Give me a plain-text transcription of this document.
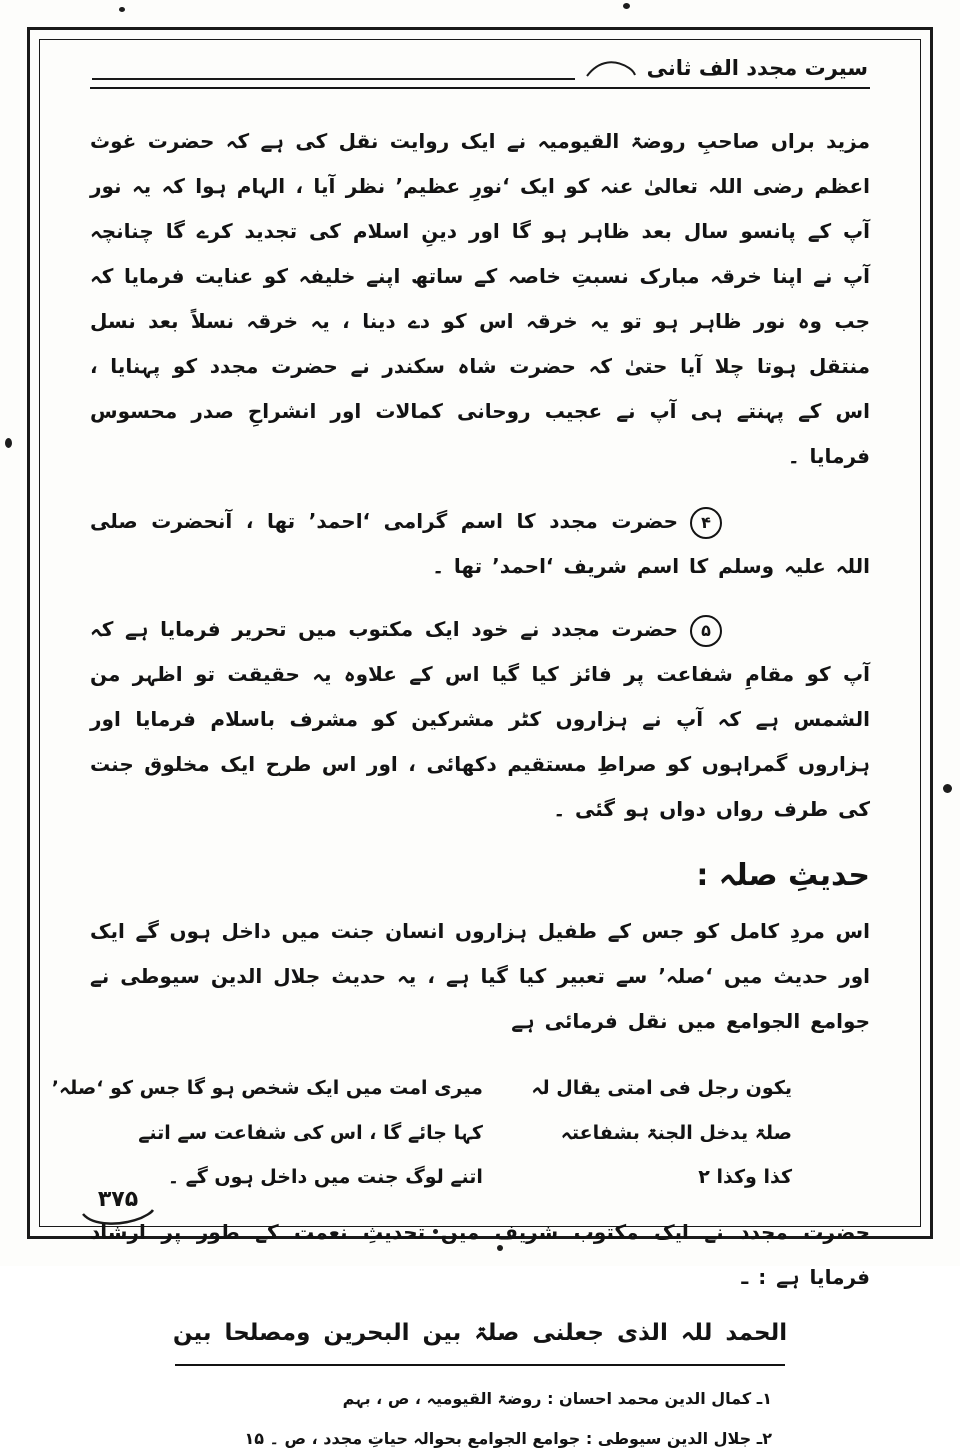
سیرت مجدد الف ثانی

مزید براں صاحبِ روضۃ القیومیہ نے ایک روایت نقل کی ہے کہ حضرت غوث اعظم رضی اللہ تعالیٰ عنہ کو ایک ‘نورِ عظیم’ نظر آیا ، الہام ہوا کہ یہ نور آپ کے پانسو سال بعد ظاہر ہو گا اور دینِ اسلام کی تجدید کرے گا چنانچہ آپ نے اپنا خرقہ مبارک نسبتِ خاصہ کے ساتھ اپنے خلیفہ کو عنایت فرمایا کہ جب وہ نور ظاہر ہو تو یہ خرقہ اس کو دے دینا ، یہ خرقہ نسلاً بعد نسل منتقل ہوتا چلا آیا حتیٰ کہ حضرت شاہ سکندر نے حضرت مجدد کو پہنایا ، اس کے پہنتے ہی آپ نے عجیب روحانی کمالات اور انشراحِ صدر محسوس فرمایا ۔

۴حضرت مجدد کا اسم گرامی ‘احمد’ تھا ، آنحضرت صلی اللہ علیہ وسلم کا اسم شریف ‘احمد’ تھا ۔

۵حضرت مجدد نے خود ایک مکتوب میں تحریر فرمایا ہے کہ آپ کو مقامِ شفاعت پر فائز کیا گیا اس کے علاوہ یہ حقیقت تو اظہر من الشمس ہے کہ آپ نے ہزاروں کٹر مشرکین کو مشرف باسلام فرمایا اور ہزاروں گمراہوں کو صراطِ مستقیم دکھائی ، اور اس طرح ایک مخلوق جنت کی طرف رواں دواں ہو گئی ۔

حدیثِ صلہ :

اس مردِ کامل کو جس کے طفیل ہزاروں انسان جنت میں داخل ہوں گے ایک اور حدیث میں ‘صلہ’ سے تعبیر کیا گیا ہے ، یہ حدیث جلال الدین سیوطی نے جوامع الجوامع میں نقل فرمائی ہے

یکون رجل فی امتی یقال لہ
صلۃ یدخل الجنۃ بشفاعتہ
کذا وکذا ۲
میری امت میں ایک شخص ہو گا جس کو ‘صلہ’
کہا جائے گا ، اس کی شفاعت سے اتنے
اتنے لوگ جنت میں داخل ہوں گے ۔

حضرت مجدد نے ایک مکتوب شریف میں تحدیثِ نعمت کے طور پر ارشاد فرمایا ہے : ـ

الحمد للہ الذی جعلنی صلۃ بین البحرین ومصلحا بین
۱ـ کمال الدین محمد احسان : روضۃ القیومیہ ، ص ، بہم
۲ـ جلال الدین سیوطی : جوامع الجوامع بحوالہ حیاتِ مجدد ، ص ۔ ۱۵
۳۷۵
